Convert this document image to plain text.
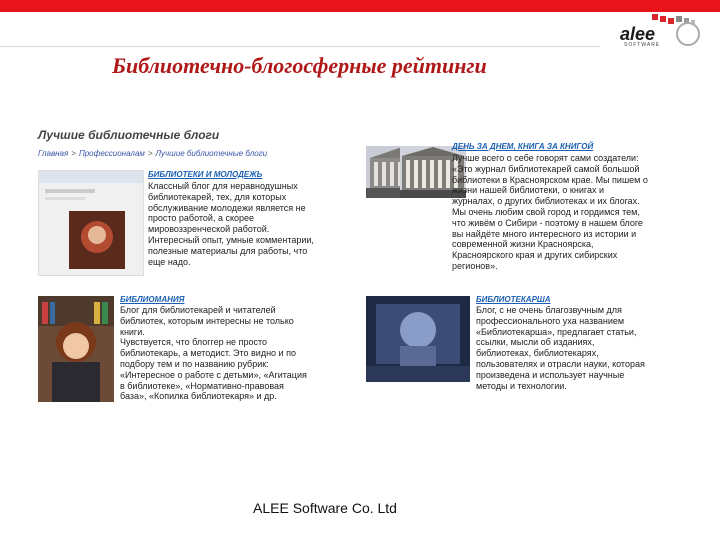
alee
SOFTWARE
Библиотечно-блогосферные рейтинги
Лучшие библиотечные блоги
Главная > Профессионалам > Лучшие библиотечные блоги
БИБЛИОТЕКИ И МОЛОДЕЖЬ
Классный блог для неравнодушных
библиотекарей, тех, для которых
обслуживание молодежи является не
просто работой, а скорее
мировоззренческой работой.
Интересный опыт, умные комментарии,
полезные материалы для работы, что
еще надо.
ДЕНЬ ЗА ДНЕМ, КНИГА ЗА КНИГОЙ
Лучше всего о себе говорят сами создатели:
«Это журнал библиотекарей самой большой
библиотеки в Красноярском крае. Мы пишем о
жизни нашей библиотеки, о книгах и
журналах, о других библиотеках и их блогах.
Мы очень любим свой город и гордимся тем,
что живём о Сибири - поэтому в нашем блоге
вы найдёте много интересного из истории и
современной жизни Красноярска,
Красноярского края и других сибирских
регионов».
БИБЛИОМАНИЯ
Блог для библиотекарей и читателей
библиотек, которым интересны не только
книги.
Чувствуется, что блоггер не просто
библиотекарь, а методист. Это видно и по
подбору тем и по названию рубрик:
«Интересное о работе с детьми», «Агитация
в библиотеке», «Нормативно-правовая
база», «Копилка библиотекаря» и др.
БИБЛИОТЕКАРША
Блог, с не очень благозвучным для
профессионального уха названием
«Библиотекарша», предлагает статьи,
ссылки, мысли об изданиях,
библиотеках, библиотекарях,
пользователях и отрасли науки, которая
произведена и использует научные
методы и технологии.
ALEE Software Co. Ltd
